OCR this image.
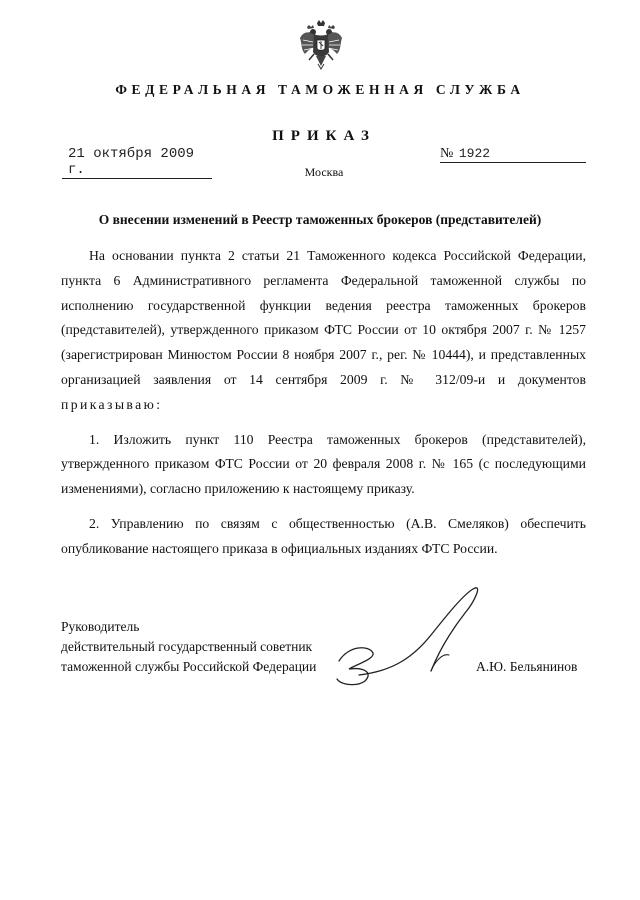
ФЕДЕРАЛЬНАЯ ТАМОЖЕННАЯ СЛУЖБА
ПРИКАЗ
21 октября 2009 г.
№ 1922
Москва
О внесении изменений в Реестр таможенных брокеров (представителей)

На основании пункта 2 статьи 21 Таможенного кодекса Российской Федерации, пункта 6 Административного регламента Федеральной таможенной службы по исполнению государственной функции ведения реестра таможенных брокеров (представителей), утвержденного приказом ФТС России от 10 октября 2007 г. № 1257 (зарегистрирован Минюстом России 8 ноября 2007 г., рег. № 10444), и представленных организацией заявления от 14 сентября 2009 г. № 312/09-и и документов приказываю:

1. Изложить пункт 110 Реестра таможенных брокеров (представителей), утвержденного приказом ФТС России от 20 февраля 2008 г. № 165 (с последующими изменениями), согласно приложению к настоящему приказу.

2. Управлению по связям с общественностью (А.В. Смеляков) обеспечить опубликование настоящего приказа в официальных изданиях ФТС России.

Руководитель
действительный государственный советник
таможенной службы Российской Федерации	А.Ю. Бельянинов
